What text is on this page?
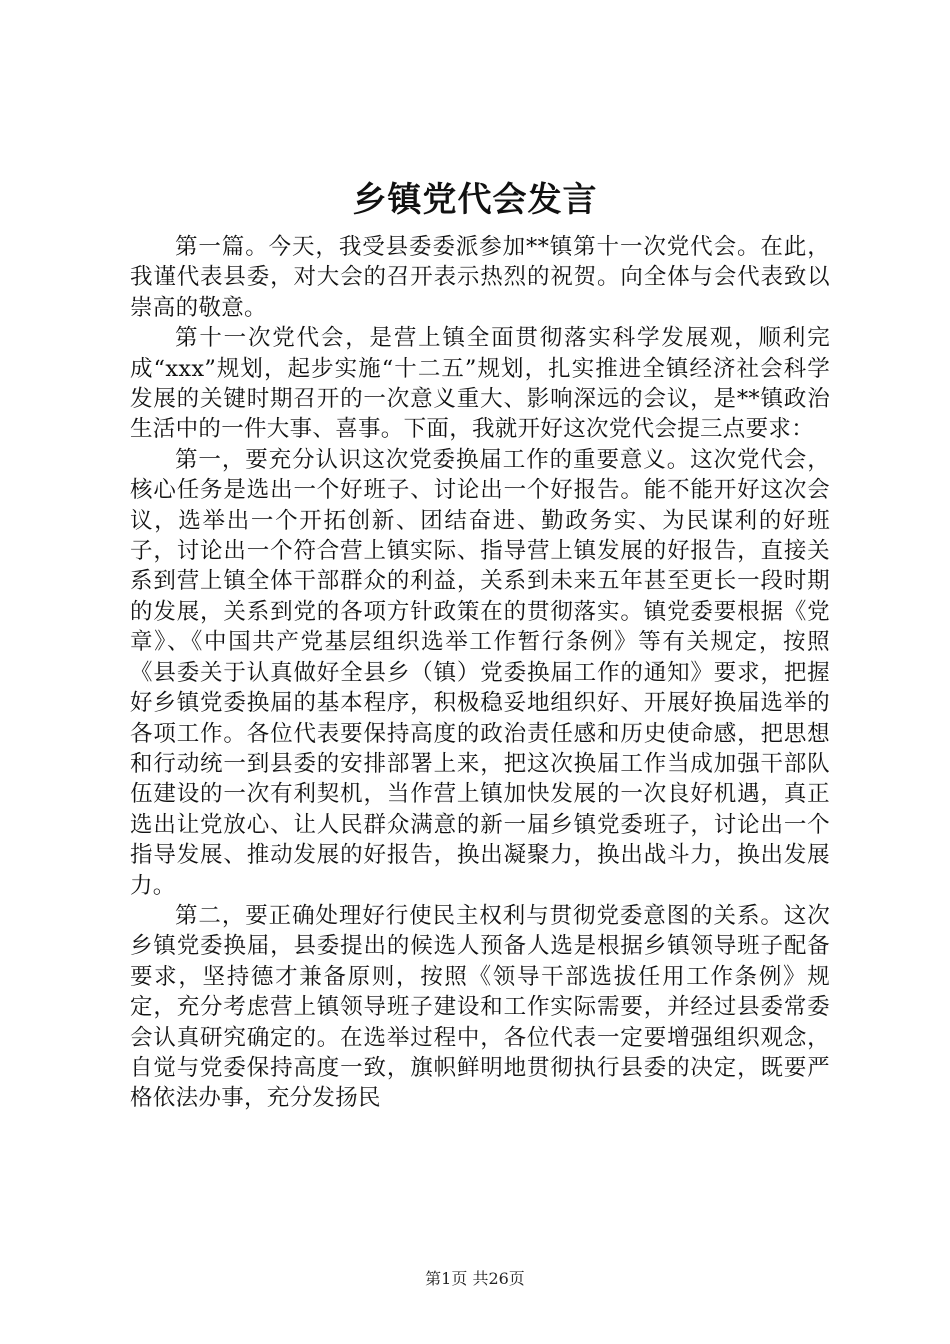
乡镇党代会发言

第一篇。今天，我受县委委派参加**镇第十一次党代会。在此，我谨代表县委，对大会的召开表示热烈的祝贺。向全体与会代表致以崇高的敬意。

第十一次党代会，是营上镇全面贯彻落实科学发展观，顺利完成“xxx”规划，起步实施“十二五”规划，扎实推进全镇经济社会科学发展的关键时期召开的一次意义重大、影响深远的会议，是**镇政治生活中的一件大事、喜事。下面，我就开好这次党代会提三点要求：

第一，要充分认识这次党委换届工作的重要意义。这次党代会，核心任务是选出一个好班子、讨论出一个好报告。能不能开好这次会议，选举出一个开拓创新、团结奋进、勤政务实、为民谋利的好班子，讨论出一个符合营上镇实际、指导营上镇发展的好报告，直接关系到营上镇全体干部群众的利益，关系到未来五年甚至更长一段时期的发展，关系到党的各项方针政策在的贯彻落实。镇党委要根据《党章》、《中国共产党基层组织选举工作暂行条例》等有关规定，按照《县委关于认真做好全县乡（镇）党委换届工作的通知》要求，把握好乡镇党委换届的基本程序，积极稳妥地组织好、开展好换届选举的各项工作。各位代表要保持高度的政治责任感和历史使命感，把思想和行动统一到县委的安排部署上来，把这次换届工作当成加强干部队伍建设的一次有利契机，当作营上镇加快发展的一次良好机遇，真正选出让党放心、让人民群众满意的新一届乡镇党委班子，讨论出一个指导发展、推动发展的好报告，换出凝聚力，换出战斗力，换出发展力。

第二，要正确处理好行使民主权利与贯彻党委意图的关系。这次乡镇党委换届，县委提出的候选人预备人选是根据乡镇领导班子配备要求，坚持德才兼备原则，按照《领导干部选拔任用工作条例》规定，充分考虑营上镇领导班子建设和工作实际需要，并经过县委常委会认真研究确定的。在选举过程中，各位代表一定要增强组织观念，自觉与党委保持高度一致，旗帜鲜明地贯彻执行县委的决定，既要严格依法办事，充分发扬民

第1页 共26页
